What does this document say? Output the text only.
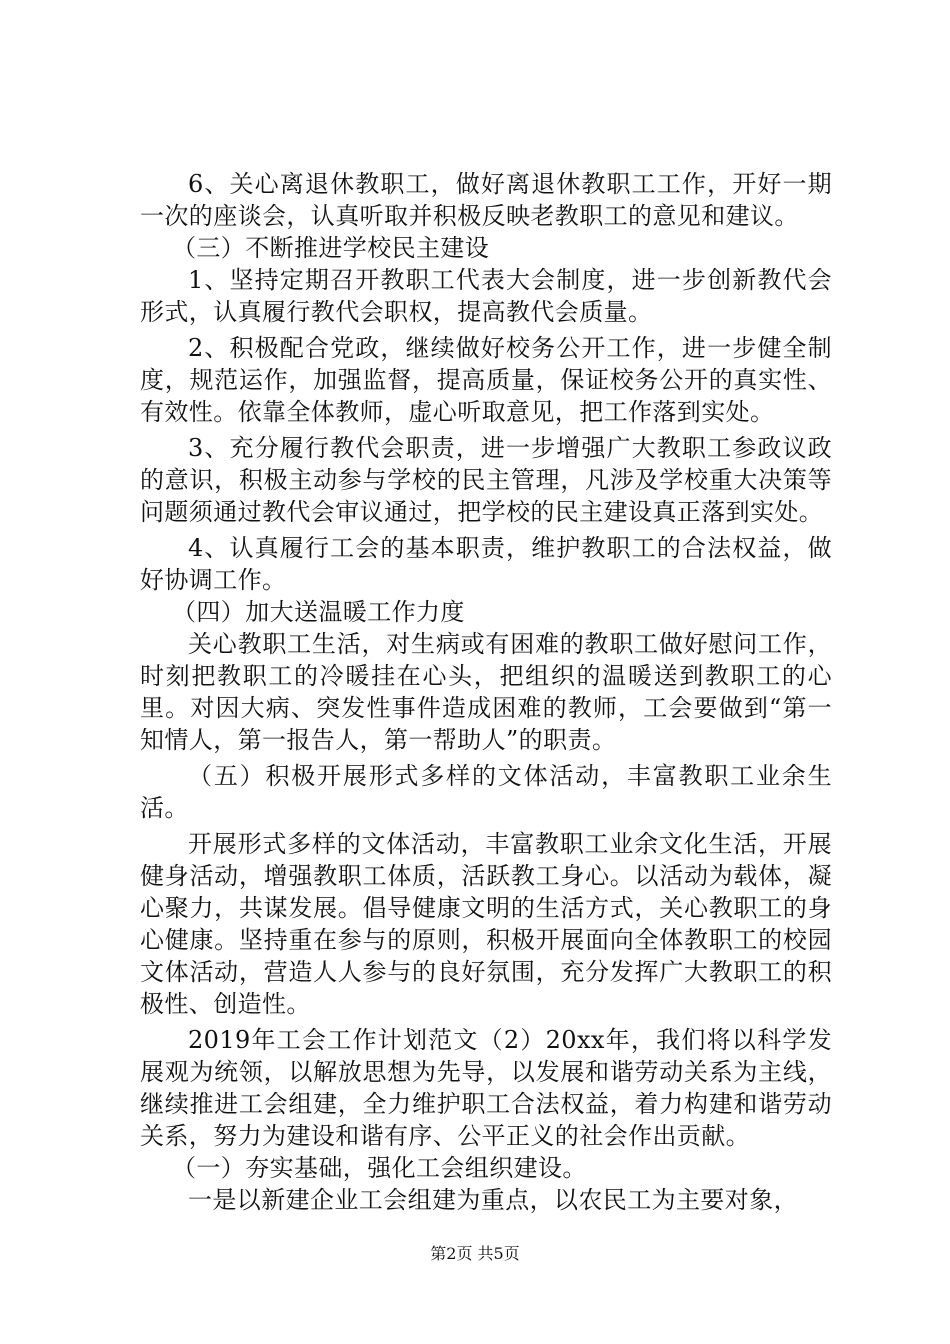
6、关心离退休教职工，做好离退休教职工工作，开好一期一次的座谈会，认真听取并积极反映老教职工的意见和建议。

（三）不断推进学校民主建设

1、坚持定期召开教职工代表大会制度，进一步创新教代会形式，认真履行教代会职权，提高教代会质量。

2、积极配合党政，继续做好校务公开工作，进一步健全制度，规范运作，加强监督，提高质量，保证校务公开的真实性、有效性。依靠全体教师，虚心听取意见，把工作落到实处。

3、充分履行教代会职责，进一步增强广大教职工参政议政的意识，积极主动参与学校的民主管理，凡涉及学校重大决策等问题须通过教代会审议通过，把学校的民主建设真正落到实处。

4、认真履行工会的基本职责，维护教职工的合法权益，做好协调工作。

（四）加大送温暖工作力度

关心教职工生活，对生病或有困难的教职工做好慰问工作，时刻把教职工的冷暖挂在心头，把组织的温暖送到教职工的心里。对因大病、突发性事件造成困难的教师，工会要做到“第一知情人，第一报告人，第一帮助人”的职责。

（五）积极开展形式多样的文体活动，丰富教职工业余生活。

开展形式多样的文体活动，丰富教职工业余文化生活，开展健身活动，增强教职工体质，活跃教工身心。以活动为载体，凝心聚力，共谋发展。倡导健康文明的生活方式，关心教职工的身心健康。坚持重在参与的原则，积极开展面向全体教职工的校园文体活动，营造人人参与的良好氛围，充分发挥广大教职工的积极性、创造性。

2019年工会工作计划范文（2）20xx年，我们将以科学发展观为统领，以解放思想为先导，以发展和谐劳动关系为主线，继续推进工会组建，全力维护职工合法权益，着力构建和谐劳动关系，努力为建设和谐有序、公平正义的社会作出贡献。

（一）夯实基础，强化工会组织建设。

一是以新建企业工会组建为重点，以农民工为主要对象，

第2页 共5页
